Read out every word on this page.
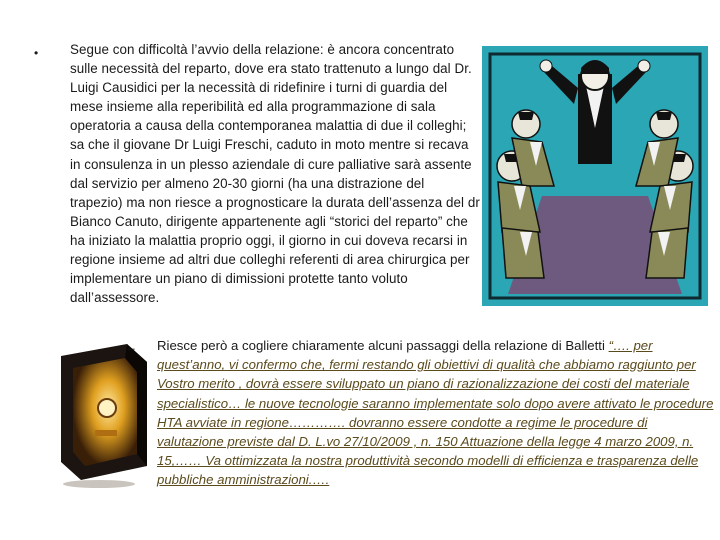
• Segue con difficoltà l’avvio della relazione: è ancora concentrato sulle necessità del reparto, dove era stato trattenuto a lungo dal Dr. Luigi Causidici per la necessità di ridefinire i turni di guardia del mese insieme alla reperibilità ed alla programmazione di sala operatoria a causa della contemporanea malattia di due il colleghi; sa che il giovane Dr Luigi Freschi, caduto in moto mentre si recava in consulenza in un plesso aziendale di cure palliative sarà assente dal servizio per almeno 20-30 giorni (ha una distrazione del trapezio) ma non riesce a prognosticare la durata dell’assenza del dr Bianco Canuto, dirigente appartenente agli “storici del reparto” che ha iniziato la malattia proprio oggi, il giorno in cui doveva recarsi in regione insieme ad altri due colleghi referenti di area chirurgica per implementare un piano di dimissioni protette tanto voluto dall’assessore.

– Riesce però a cogliere chiaramente alcuni passaggi della relazione di Balletti “…. per quest’anno, vi confermo che, fermi restando gli obiettivi di qualità che abbiamo raggiunto per Vostro merito , dovrà essere sviluppato un piano di razionalizzazione dei costi del materiale specialistico… le nuove tecnologie saranno implementate solo dopo avere attivato le procedure HTA avviate in regione…………. dovranno essere condotte a regime le procedure di valutazione previste dal D. L.vo 27/10/2009 , n. 150 Attuazione della legge 4 marzo 2009, n. 15,…… Va ottimizzata la nostra produttività secondo modelli di efficienza e trasparenza delle pubbliche amministrazioni.….
